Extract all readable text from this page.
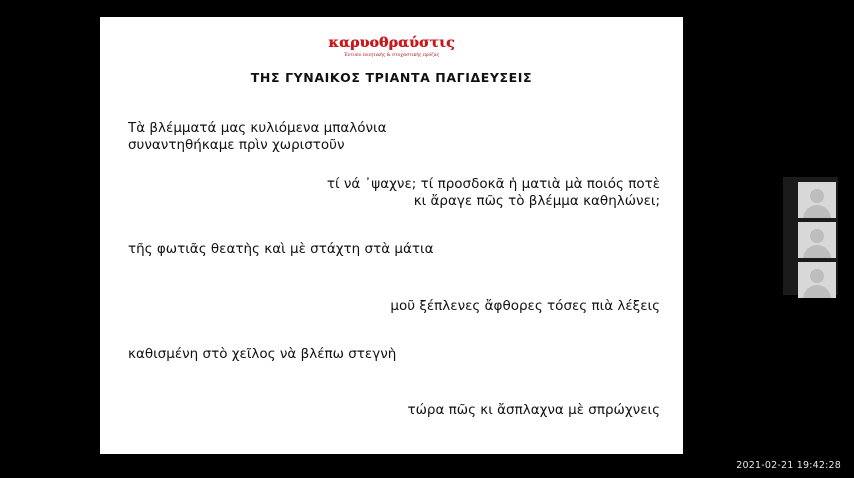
καρυοθραύστις
Έντυπο ποιητικής & στοχαστικής πρόζας
ΤΗΣ ΓΥΝΑΙΚΟΣ ΤΡΙΑΝΤΑ ΠΑΓΙΔΕΥΣΕΙΣ
Τὰ βλέμματά μας κυλιόμενα μπαλόνια
συναντηθήκαμε πρὶν χωριστοῦν
τί νά ᾿ψαχνε; τί προσδοκᾶ ἡ ματιὰ μὰ ποιός ποτὲ
κι ἄραγε πῶς τὸ βλέμμα καθηλώνει;
τῆς φωτιᾶς θεατὴς καὶ μὲ στάχτη στὰ μάτια
μοῦ ξέπλενες ἄφθορες τόσες πιὰ λέξεις
καθισμένη στὸ χεῖλος νὰ βλέπω στεγνὴ
τώρα πῶς κι ἄσπλαχνα μὲ σπρώχνεις
2021-02-21 19:42:28
